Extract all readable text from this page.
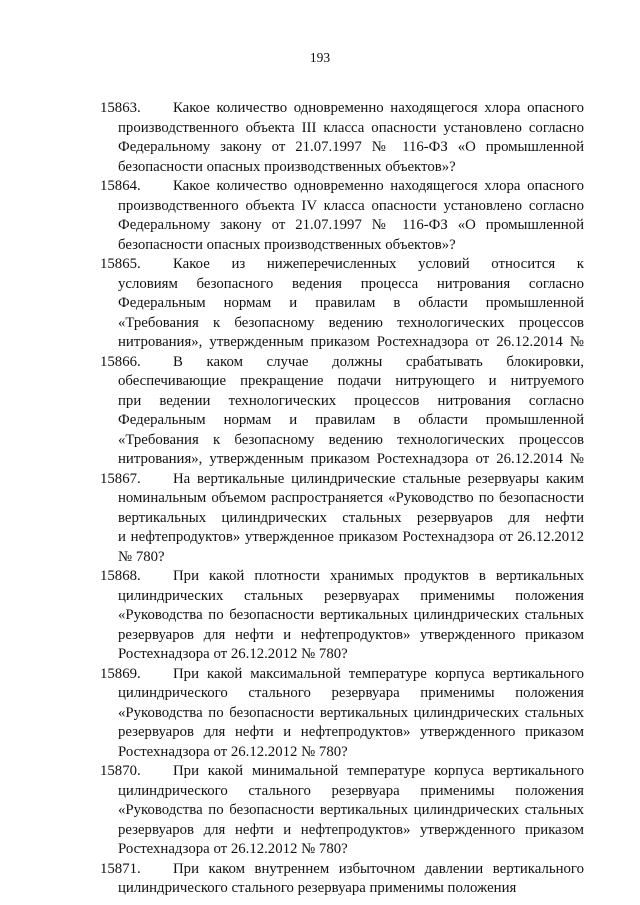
193
15863. Какое количество одновременно находящегося хлора опасного
производственного объекта III класса опасности установлено согласно
Федеральному закону от 21.07.1997 № 116-ФЗ «О промышленной
безопасности опасных производственных объектов»?
15864. Какое количество одновременно находящегося хлора опасного
производственного объекта IV класса опасности установлено согласно
Федеральному закону от 21.07.1997 № 116-ФЗ «О промышленной
безопасности опасных производственных объектов»?
15865. Какое из нижеперечисленных условий относится к
условиям безопасного ведения процесса нитрования согласно
Федеральным нормам и правилам в области промышленной
«Требования к безопасному ведению технологических процессов
нитрования», утвержденным приказом Ростехнадзора от 26.12.2014 №
15866. В каком случае должны срабатывать блокировки,
обеспечивающие прекращение подачи нитрующего и нитруемого
при ведении технологических процессов нитрования согласно
Федеральным нормам и правилам в области промышленной
«Требования к безопасному ведению технологических процессов
нитрования», утвержденным приказом Ростехнадзора от 26.12.2014 №
15867. На вертикальные цилиндрические стальные резервуары каким
номинальным объемом распространяется «Руководство по безопасности
вертикальных цилиндрических стальных резервуаров для нефти
и нефтепродуктов» утвержденное приказом Ростехнадзора от 26.12.2012
№ 780?
15868. При какой плотности хранимых продуктов в вертикальных
цилиндрических стальных резервуарах применимы положения
«Руководства по безопасности вертикальных цилиндрических стальных
резервуаров для нефти и нефтепродуктов» утвержденного приказом
Ростехнадзора от 26.12.2012 № 780?
15869. При какой максимальной температуре корпуса вертикального
цилиндрического стального резервуара применимы положения
«Руководства по безопасности вертикальных цилиндрических стальных
резервуаров для нефти и нефтепродуктов» утвержденного приказом
Ростехнадзора от 26.12.2012 № 780?
15870. При какой минимальной температуре корпуса вертикального
цилиндрического стального резервуара применимы положения
«Руководства по безопасности вертикальных цилиндрических стальных
резервуаров для нефти и нефтепродуктов» утвержденного приказом
Ростехнадзора от 26.12.2012 № 780?
15871. При каком внутреннем избыточном давлении вертикального
цилиндрического стального резервуара применимы положения
